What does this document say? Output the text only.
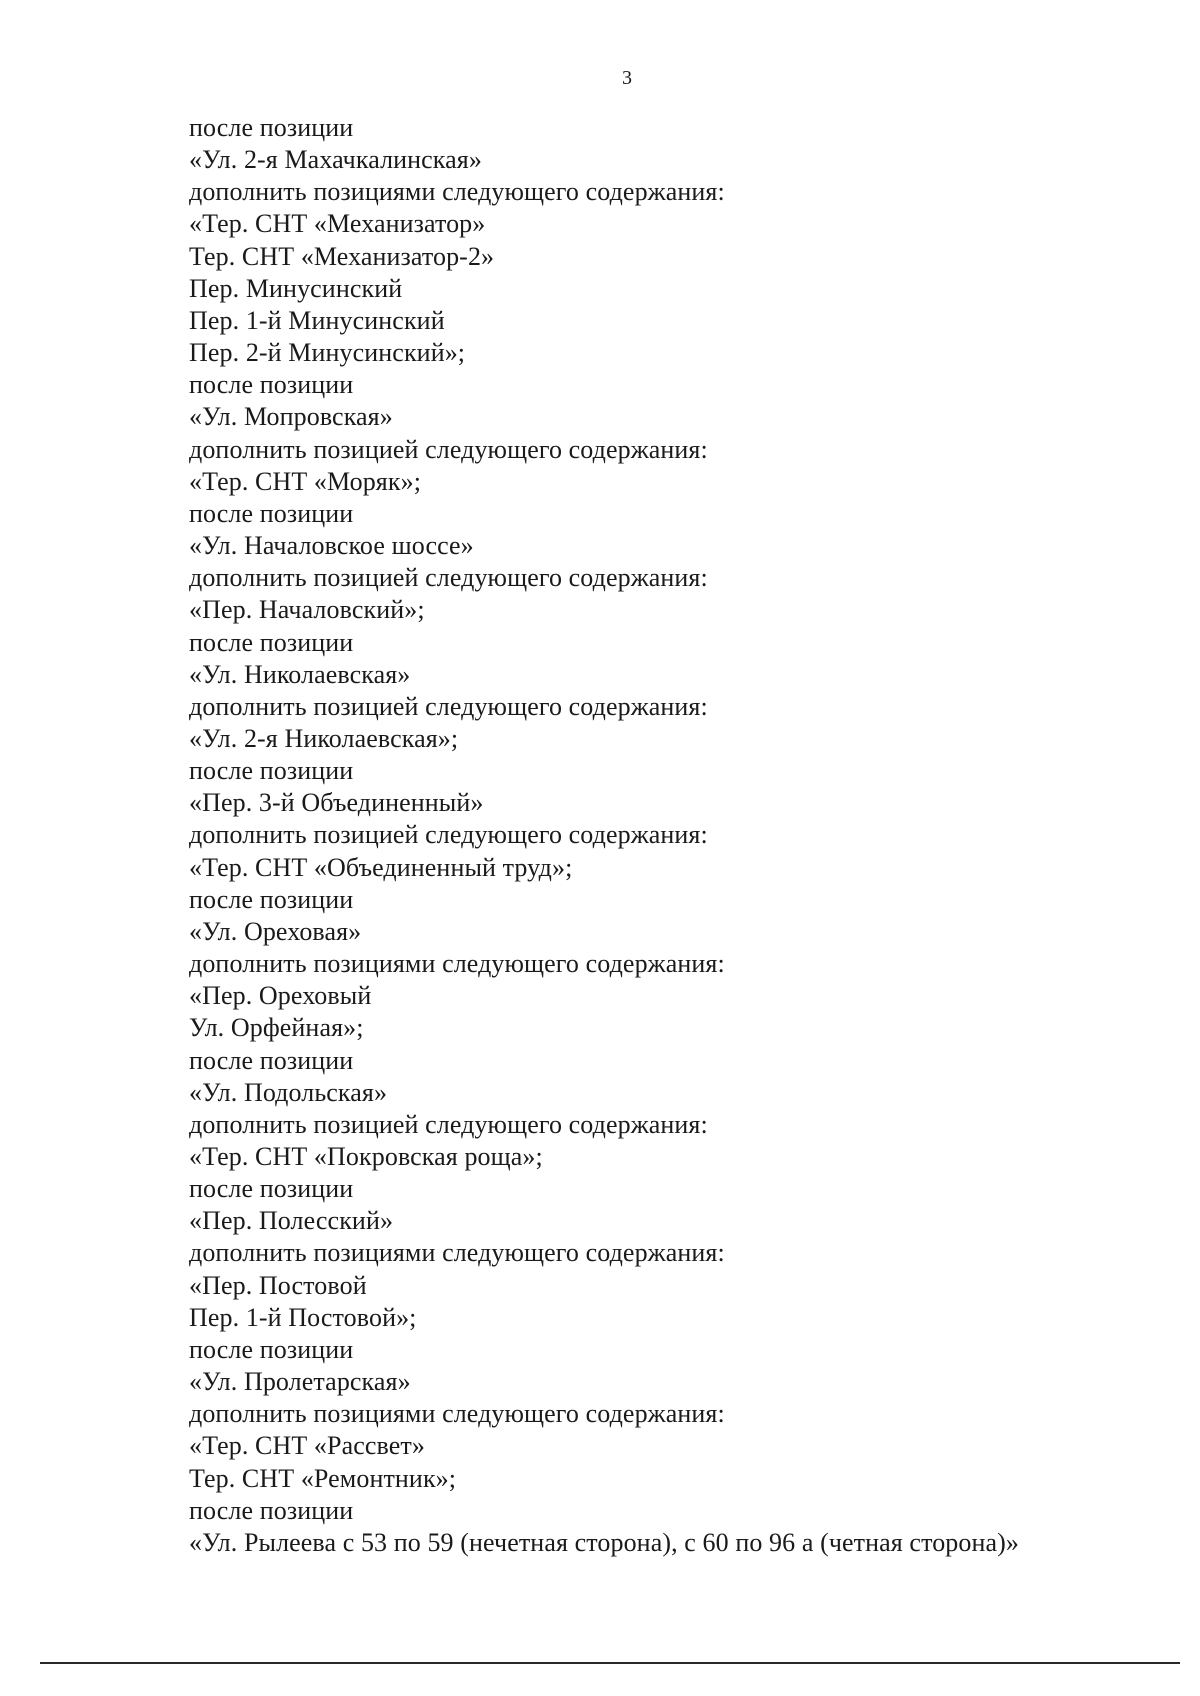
3
после позиции
«Ул. 2-я Махачкалинская»
дополнить позициями следующего содержания:
«Тер. СНТ «Механизатор»
Тер. СНТ «Механизатор-2»
Пер. Минусинский
Пер. 1-й Минусинский
Пер. 2-й Минусинский»;
после позиции
«Ул. Мопровская»
дополнить позицией следующего содержания:
«Тер. СНТ «Моряк»;
после позиции
«Ул. Началовское шоссе»
дополнить позицией следующего содержания:
«Пер. Началовский»;
после позиции
«Ул. Николаевская»
дополнить позицией следующего содержания:
«Ул. 2-я Николаевская»;
после позиции
«Пер. 3-й Объединенный»
дополнить позицией следующего содержания:
«Тер. СНТ «Объединенный труд»;
после позиции
«Ул. Ореховая»
дополнить позициями следующего содержания:
«Пер. Ореховый
Ул. Орфейная»;
после позиции
«Ул. Подольская»
дополнить позицией следующего содержания:
«Тер. СНТ «Покровская роща»;
после позиции
«Пер. Полесский»
дополнить позициями следующего содержания:
«Пер. Постовой
Пер. 1-й Постовой»;
после позиции
«Ул. Пролетарская»
дополнить позициями следующего содержания:
«Тер. СНТ «Рассвет»
Тер. СНТ «Ремонтник»;
после позиции
«Ул. Рылеева с 53 по 59 (нечетная сторона), с 60 по 96 а (четная сторона)»
